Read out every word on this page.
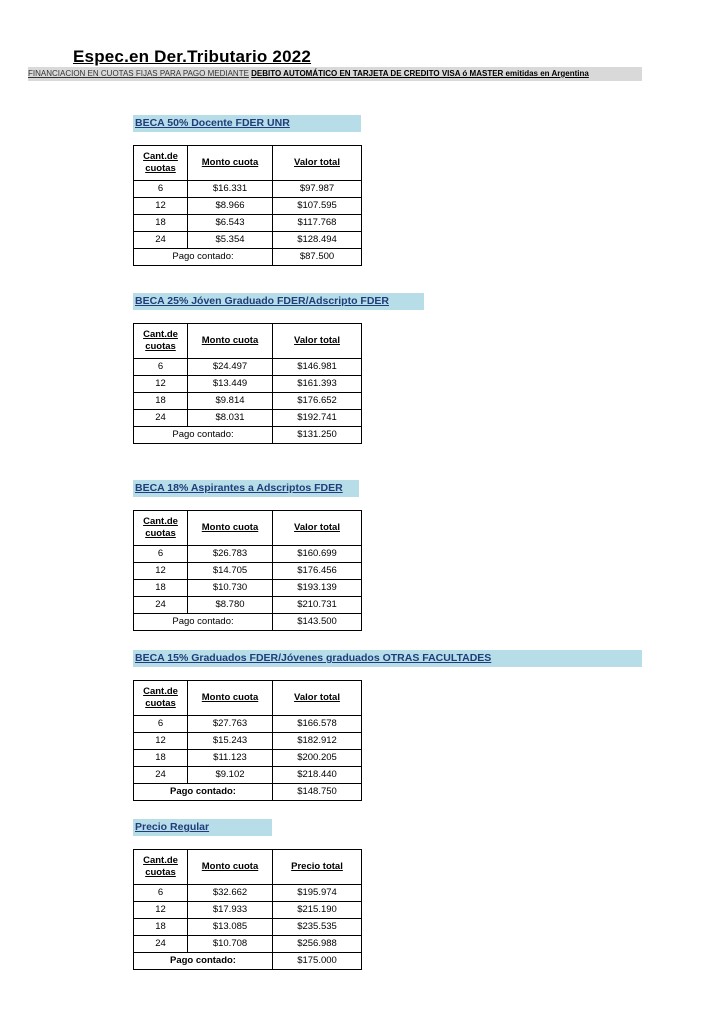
Espec.en Der.Tributario 2022
FINANCIACION EN CUOTAS FIJAS PARA PAGO MEDIANTE DEBITO AUTOMÁTICO EN TARJETA DE CREDITO VISA ó MASTER emitidas en Argentina
BECA 50% Docente FDER UNR
Cant.de cuotas	Monto cuota	Valor total
6	$16.331	$97.987
12	$8.966	$107.595
18	$6.543	$117.768
24	$5.354	$128.494
Pago contado:		$87.500
BECA 25% Jóven Graduado FDER/Adscripto FDER
Cant.de cuotas	Monto cuota	Valor total
6	$24.497	$146.981
12	$13.449	$161.393
18	$9.814	$176.652
24	$8.031	$192.741
Pago contado:		$131.250
BECA 18% Aspirantes a Adscriptos FDER
Cant.de cuotas	Monto cuota	Valor total
6	$26.783	$160.699
12	$14.705	$176.456
18	$10.730	$193.139
24	$8.780	$210.731
Pago contado:		$143.500
BECA 15% Graduados FDER/Jóvenes graduados OTRAS FACULTADES
Cant.de cuotas	Monto cuota	Valor total
6	$27.763	$166.578
12	$15.243	$182.912
18	$11.123	$200.205
24	$9.102	$218.440
Pago contado:		$148.750
Precio Regular
Cant.de cuotas	Monto cuota	Precio total
6	$32.662	$195.974
12	$17.933	$215.190
18	$13.085	$235.535
24	$10.708	$256.988
Pago contado:		$175.000
